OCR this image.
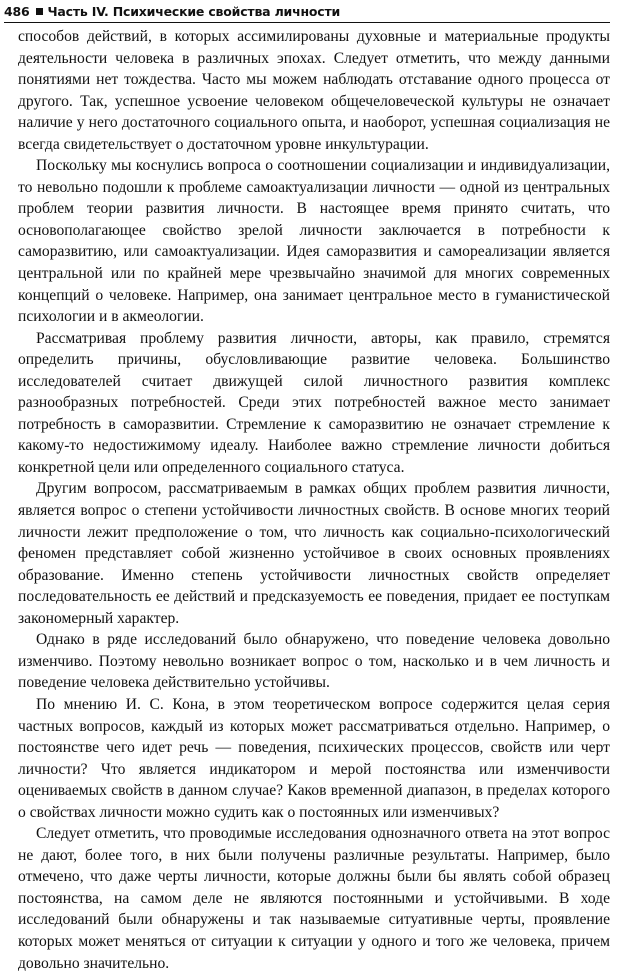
486 Часть IV. Психические свойства личности

способов действий, в которых ассимилированы духовные и материальные продукты деятельности человека в различных эпохах. Следует отметить, что между данными понятиями нет тождества. Часто мы можем наблюдать отставание одного процесса от другого. Так, успешное усвоение человеком общечеловеческой культуры не означает наличие у него достаточного социального опыта, и наоборот, успешная социализация не всегда свидетельствует о достаточном уровне инкультурации.

Поскольку мы коснулись вопроса о соотношении социализации и индивидуализации, то невольно подошли к проблеме самоактуализации личности — одной из центральных проблем теории развития личности. В настоящее время принято считать, что основополагающее свойство зрелой личности заключается в потребности к саморазвитию, или самоактуализации. Идея саморазвития и самореализации является центральной или по крайней мере чрезвычайно значимой для многих современных концепций о человеке. Например, она занимает центральное место в гуманистической психологии и в акмеологии.

Рассматривая проблему развития личности, авторы, как правило, стремятся определить причины, обусловливающие развитие человека. Большинство исследователей считает движущей силой личностного развития комплекс разнообразных потребностей. Среди этих потребностей важное место занимает потребность в саморазвитии. Стремление к саморазвитию не означает стремление к какому-то недостижимому идеалу. Наиболее важно стремление личности добиться конкретной цели или определенного социального статуса.

Другим вопросом, рассматриваемым в рамках общих проблем развития личности, является вопрос о степени устойчивости личностных свойств. В основе многих теорий личности лежит предположение о том, что личность как социально-психологический феномен представляет собой жизненно устойчивое в своих основных проявлениях образование. Именно степень устойчивости личностных свойств определяет последовательность ее действий и предсказуемость ее поведения, придает ее поступкам закономерный характер.

Однако в ряде исследований было обнаружено, что поведение человека довольно изменчиво. Поэтому невольно возникает вопрос о том, насколько и в чем личность и поведение человека действительно устойчивы.

По мнению И. С. Кона, в этом теоретическом вопросе содержится целая серия частных вопросов, каждый из которых может рассматриваться отдельно. Например, о постоянстве чего идет речь — поведения, психических процессов, свойств или черт личности? Что является индикатором и мерой постоянства или изменчивости оцениваемых свойств в данном случае? Каков временной диапазон, в пределах которого о свойствах личности можно судить как о постоянных или изменчивых?

Следует отметить, что проводимые исследования однозначного ответа на этот вопрос не дают, более того, в них были получены различные результаты. Например, было отмечено, что даже черты личности, которые должны были бы являть собой образец постоянства, на самом деле не являются постоянными и устойчивыми. В ходе исследований были обнаружены и так называемые ситуативные черты, проявление которых может меняться от ситуации к ситуации у одного и того же человека, причем довольно значительно.
